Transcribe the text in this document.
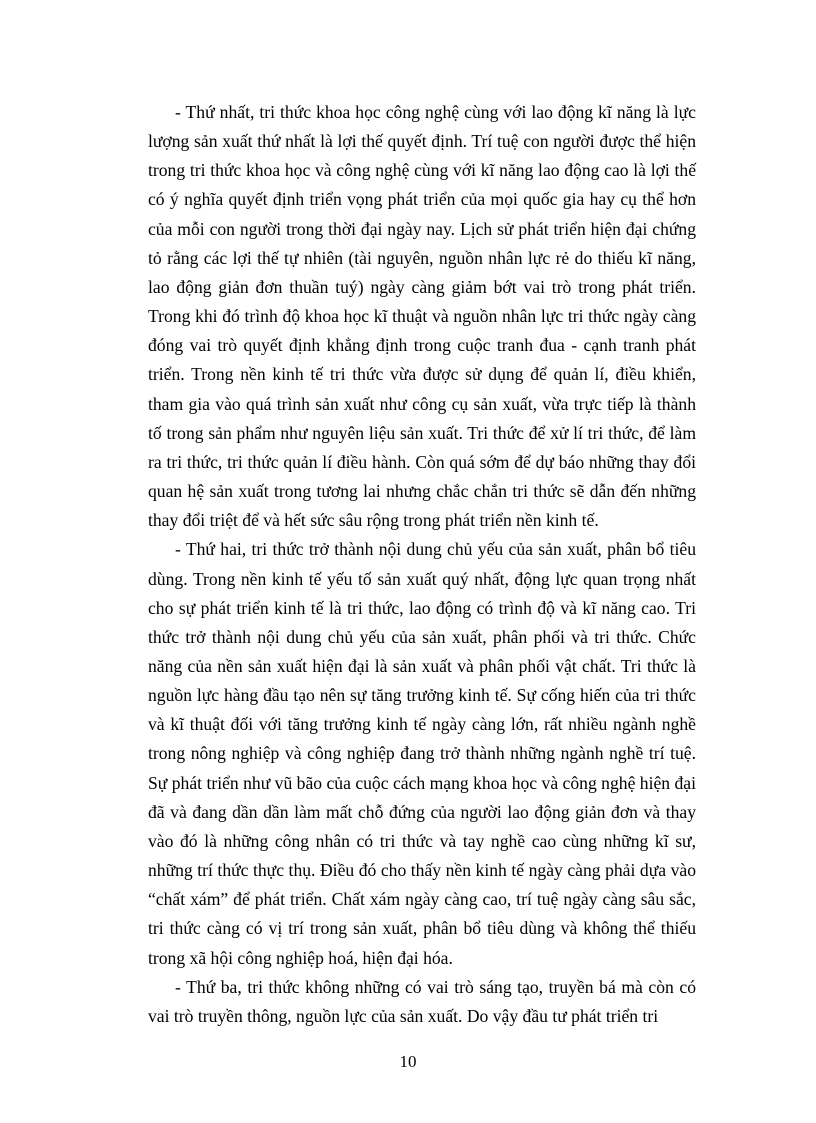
- Thứ nhất, tri thức khoa học công nghệ cùng với lao động kĩ năng là lực lượng sản xuất thứ nhất là lợi thế quyết định. Trí tuệ con người được thể hiện trong tri thức khoa học và công nghệ cùng với kĩ năng lao động cao là lợi thế có ý nghĩa quyết định triển vọng phát triển của mọi quốc gia hay cụ thể hơn của mỗi con người trong thời đại ngày nay. Lịch sử phát triển hiện đại chứng tỏ rằng các lợi thế tự nhiên (tài nguyên, nguồn nhân lực rẻ do thiếu kĩ năng, lao động giản đơn thuần tuý) ngày càng giảm bớt vai trò trong phát triển. Trong khi đó trình độ khoa học kĩ thuật và nguồn nhân lực tri thức ngày càng đóng vai trò quyết định khẳng định trong cuộc tranh đua - cạnh tranh phát triển. Trong nền kinh tế tri thức vừa được sử dụng để quản lí, điều khiển, tham gia vào quá trình sản xuất như công cụ sản xuất, vừa trực tiếp là thành tố trong sản phẩm như nguyên liệu sản xuất. Tri thức để xử lí tri thức, để làm ra tri thức, tri thức quản lí điều hành. Còn quá sớm để dự báo những thay đổi quan hệ sản xuất trong tương lai nhưng chắc chắn tri thức sẽ dẫn đến những thay đổi triệt để và hết sức sâu rộng trong phát triển nền kinh tế.

- Thứ hai, tri thức trở thành nội dung chủ yếu của sản xuất, phân bổ tiêu dùng. Trong nền kinh tế yếu tố sản xuất quý nhất, động lực quan trọng nhất cho sự phát triển kinh tế là tri thức, lao động có trình độ và kĩ năng cao. Tri thức trở thành nội dung chủ yếu của sản xuất, phân phối và tri thức. Chức năng của nền sản xuất hiện đại là sản xuất và phân phối vật chất. Tri thức là nguồn lực hàng đầu tạo nên sự tăng trưởng kinh tế. Sự cống hiến của tri thức và kĩ thuật đối với tăng trưởng kinh tế ngày càng lớn, rất nhiều ngành nghề trong nông nghiệp và công nghiệp đang trở thành những ngành nghề trí tuệ. Sự phát triển như vũ bão của cuộc cách mạng khoa học và công nghệ hiện đại đã và đang dần dần làm mất chỗ đứng của người lao động giản đơn và thay vào đó là những công nhân có tri thức và tay nghề cao cùng những kĩ sư, những trí thức thực thụ. Điều đó cho thấy nền kinh tế ngày càng phải dựa vào “chất xám” để phát triển. Chất xám ngày càng cao, trí tuệ ngày càng sâu sắc, tri thức càng có vị trí trong sản xuất, phân bổ tiêu dùng và không thể thiếu trong xã hội công nghiệp hoá, hiện đại hóa.

- Thứ ba, tri thức không những có vai trò sáng tạo, truyền bá mà còn có vai trò truyền thông, nguồn lực của sản xuất. Do vậy đầu tư phát triển tri

10
